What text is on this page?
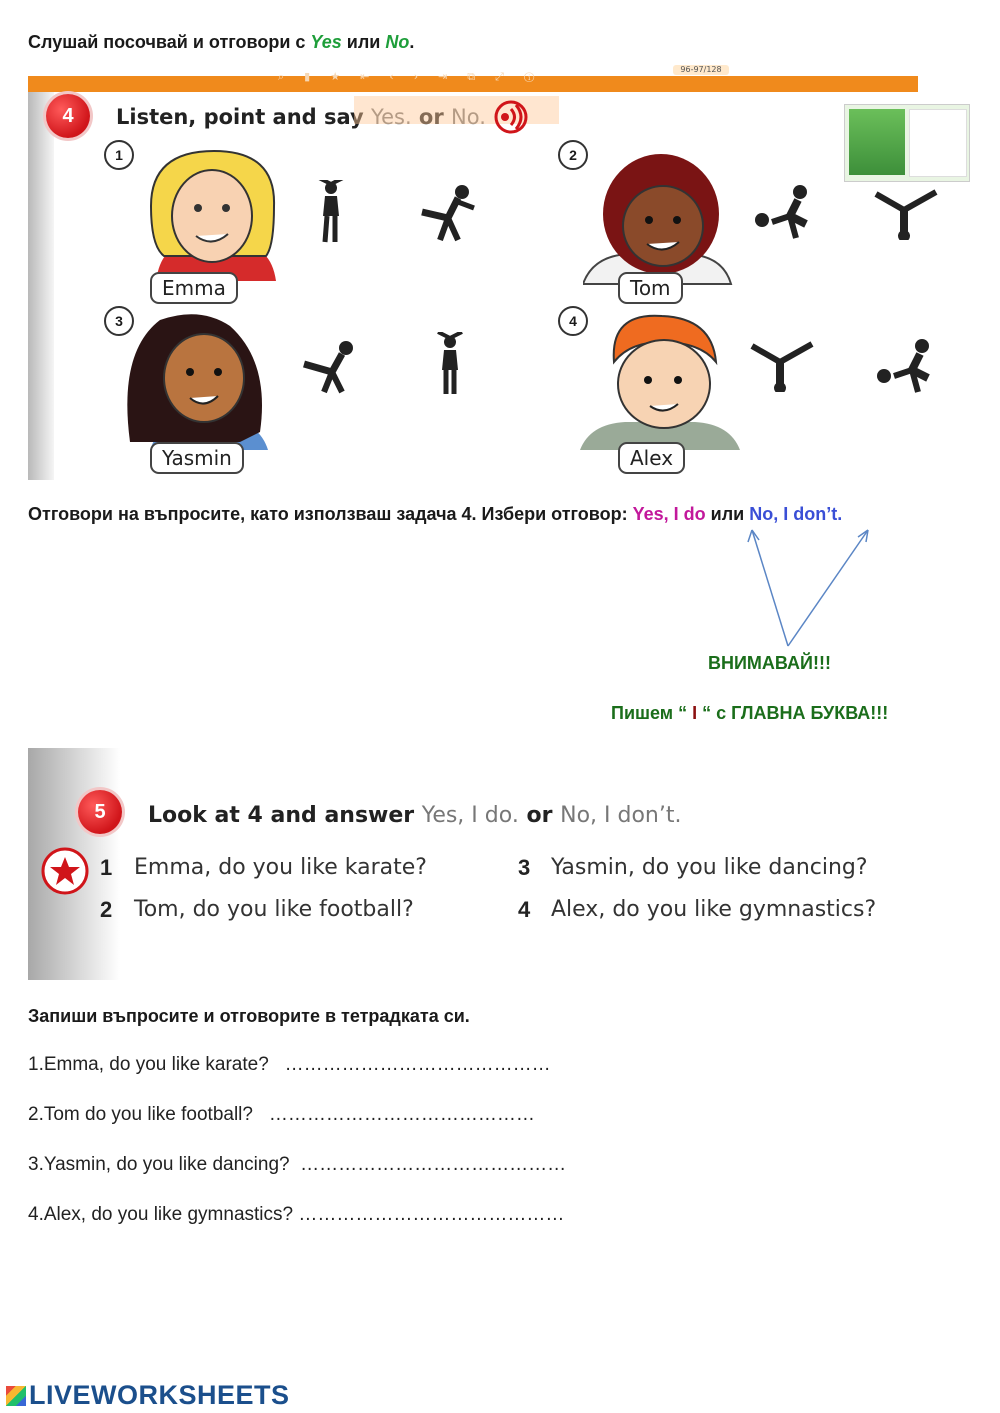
Слушай посочвай и отговори с Yes или No.
⌕▮★⇤‹›⇥⧉⤢ⓘ
96-97/128
4	Listen, point and say Yes. or No.
1
Emma
2
Tom
3
Yasmin
4
Alex
Отговори на въпросите, като използваш задача 4. Избери отговор: Yes, I do или No, I don’t.
ВНИМАВАЙ!!!
Пишем “ I “ с ГЛАВНА БУКВА!!!
5	Look at 4 and answer Yes, I do. or No, I don’t.
1 Emma, do you like karate?
2 Tom, do you like football?
3 Yasmin, do you like dancing?
4 Alex, do you like gymnastics?
Запиши въпросите и отговорите в тетрадката си.
1.Emma, do you like karate? ……………………………………
2.Tom do you like football? ……………………………………
3.Yasmin, do you like dancing? ……………………………………
4.Alex, do you like gymnastics? ……………………………………
LIVEWORKSHEETS
